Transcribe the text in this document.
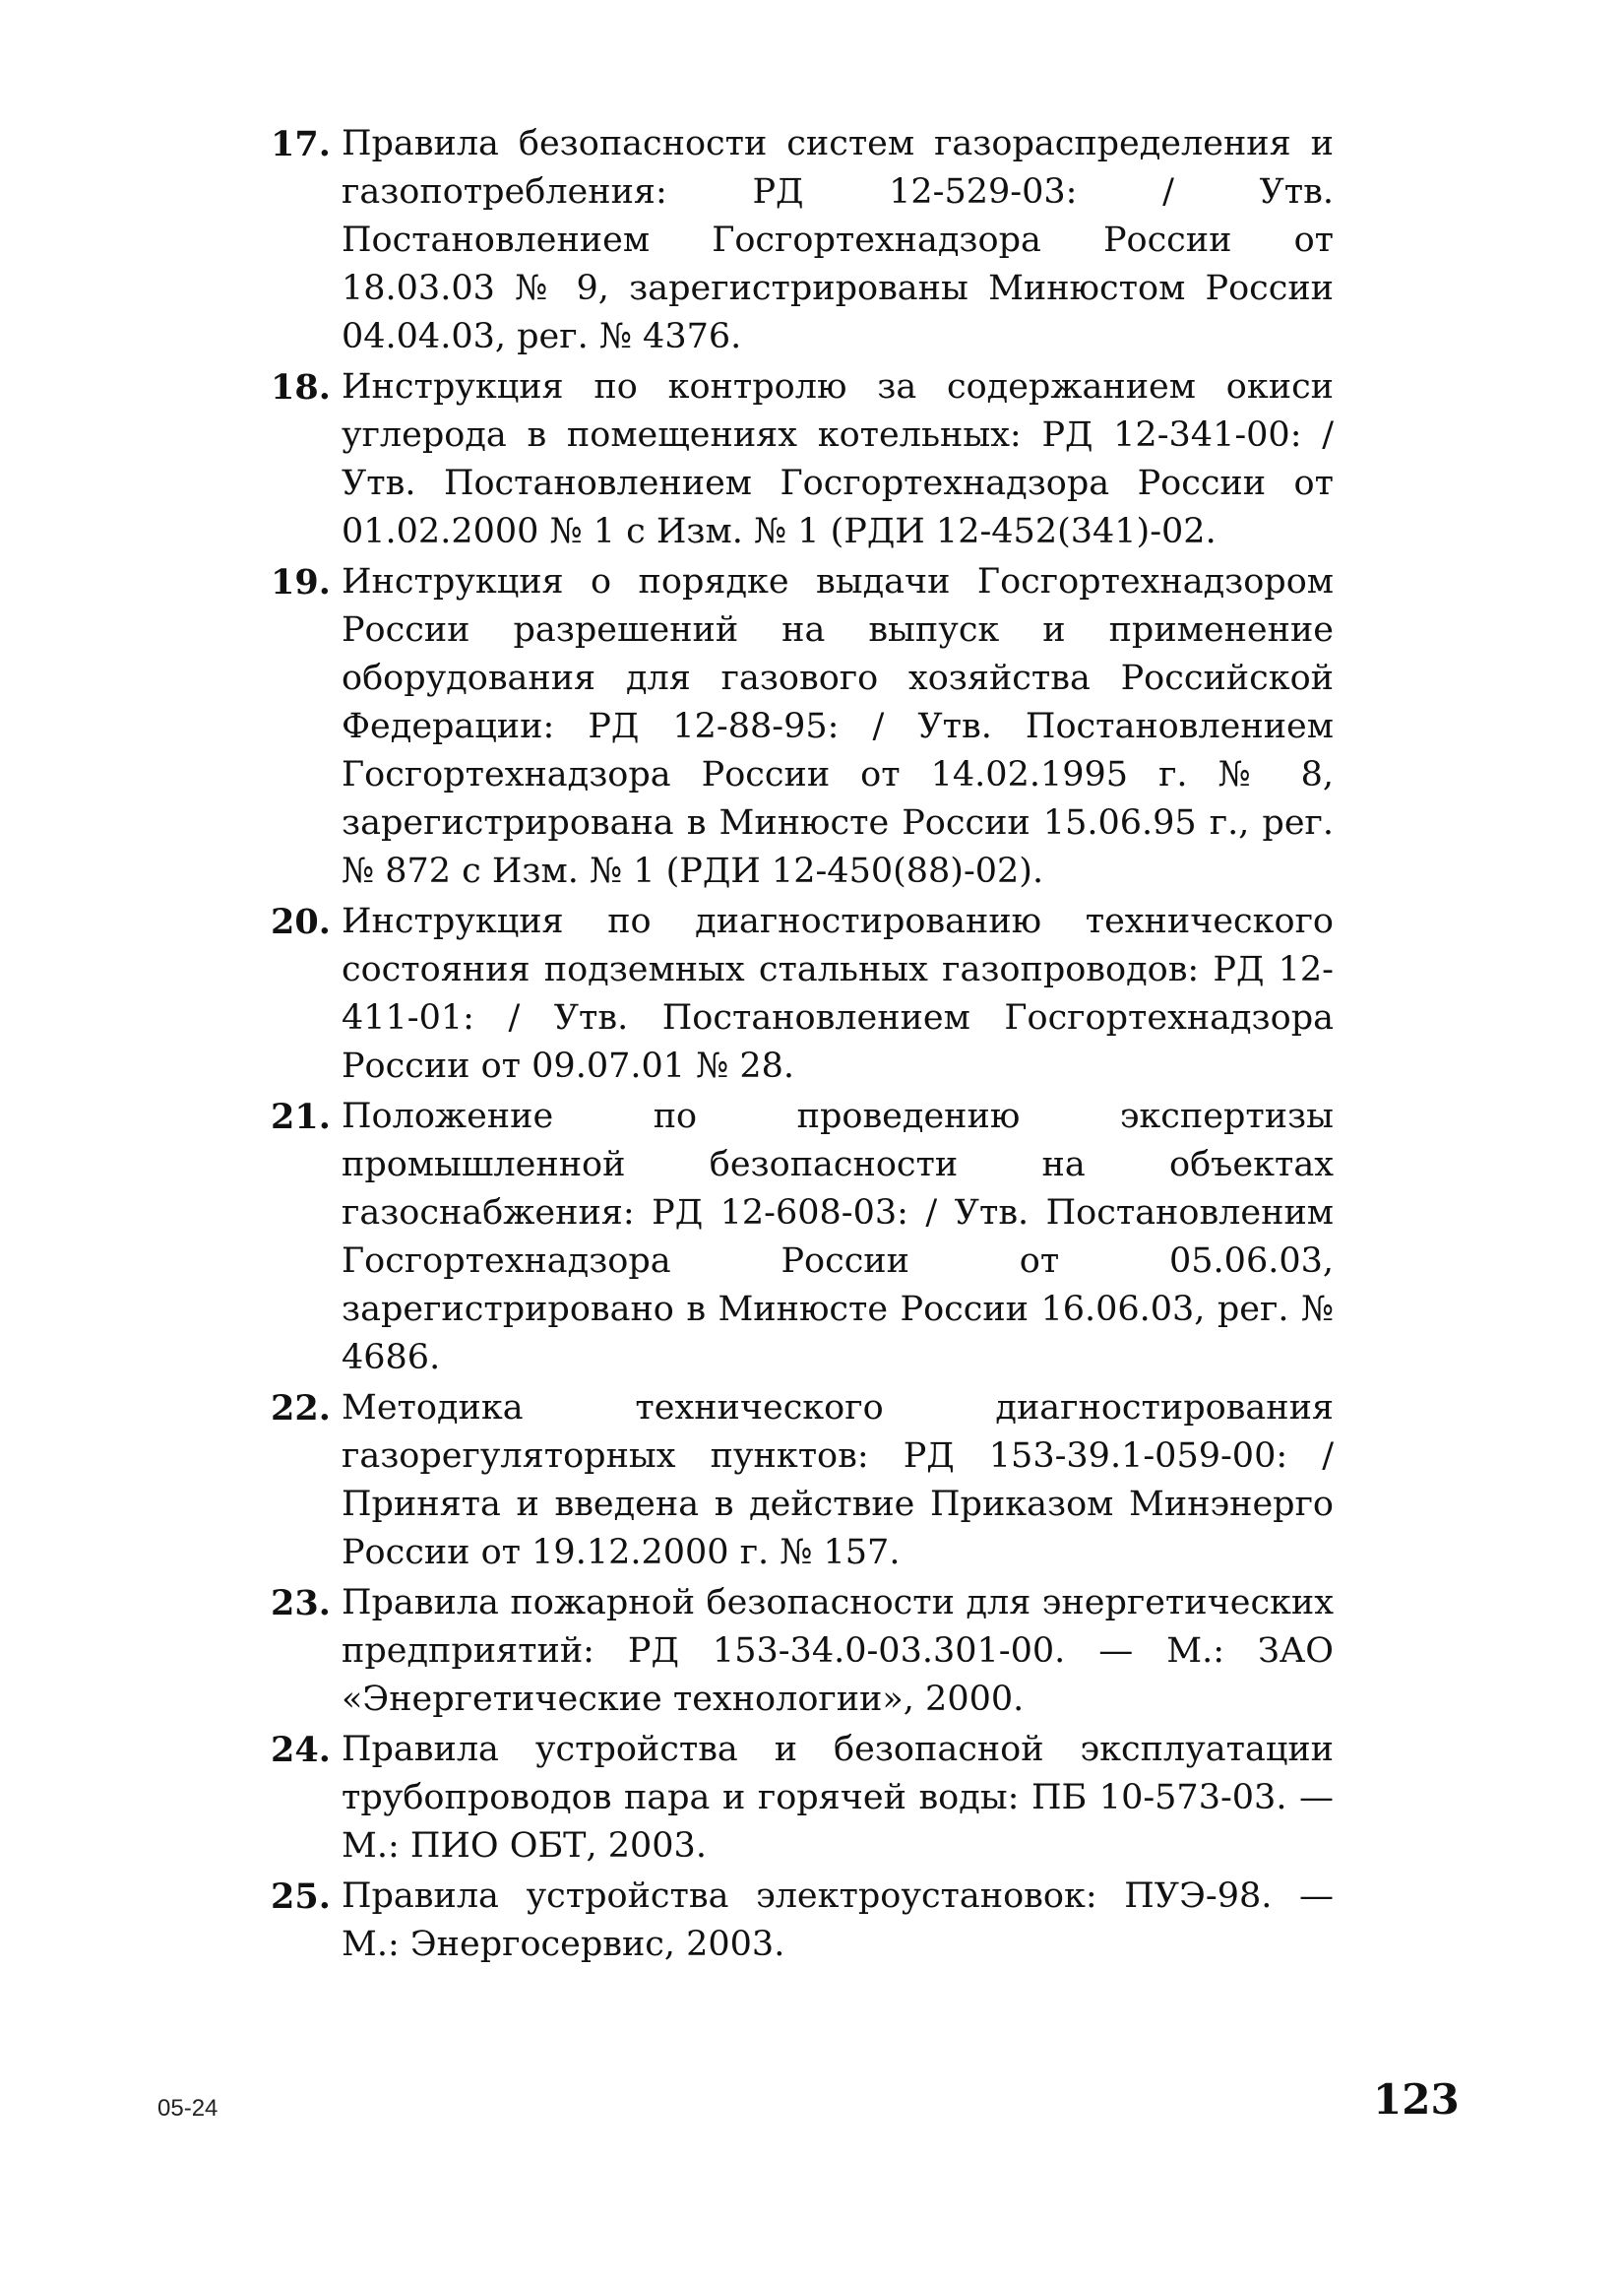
17. Правила безопасности систем газораспределения и газопотребления: РД 12-529-03: / Утв. Постановлением Госгортехнадзора России от 18.03.03 № 9, зарегистрированы Минюстом России 04.04.03, рег. № 4376.
18. Инструкция по контролю за содержанием окиси углерода в помещениях котельных: РД 12-341-00: / Утв. Постановлением Госгортехнадзора России от 01.02.2000 № 1 с Изм. № 1 (РДИ 12-452(341)-02.
19. Инструкция о порядке выдачи Госгортехнадзором России разрешений на выпуск и применение оборудования для газового хозяйства Российской Федерации: РД 12-88-95: / Утв. Постановлением Госгортехнадзора России от 14.02.1995 г. № 8, зарегистрирована в Минюсте России 15.06.95 г., рег. № 872 с Изм. № 1 (РДИ 12-450(88)-02).
20. Инструкция по диагностированию технического состояния подземных стальных газопроводов: РД 12-411-01: / Утв. Постановлением Госгортехнадзора России от 09.07.01 № 28.
21. Положение по проведению экспертизы промышленной безопасности на объектах газоснабжения: РД 12-608-03: / Утв. Постановленим Госгортехнадзора России от 05.06.03, зарегистрировано в Минюсте России 16.06.03, рег. № 4686.
22. Методика технического диагностирования газорегуляторных пунктов: РД 153-39.1-059-00: / Принята и введена в действие Приказом Минэнерго России от 19.12.2000 г. № 157.
23. Правила пожарной безопасности для энергетических предприятий: РД 153-34.0-03.301-00. — М.: ЗАО «Энергетические технологии», 2000.
24. Правила устройства и безопасной эксплуатации трубопроводов пара и горячей воды: ПБ 10-573-03. — М.: ПИО ОБТ, 2003.
25. Правила устройства электроустановок: ПУЭ-98. — М.: Энергосервис, 2003.
05-24	123
